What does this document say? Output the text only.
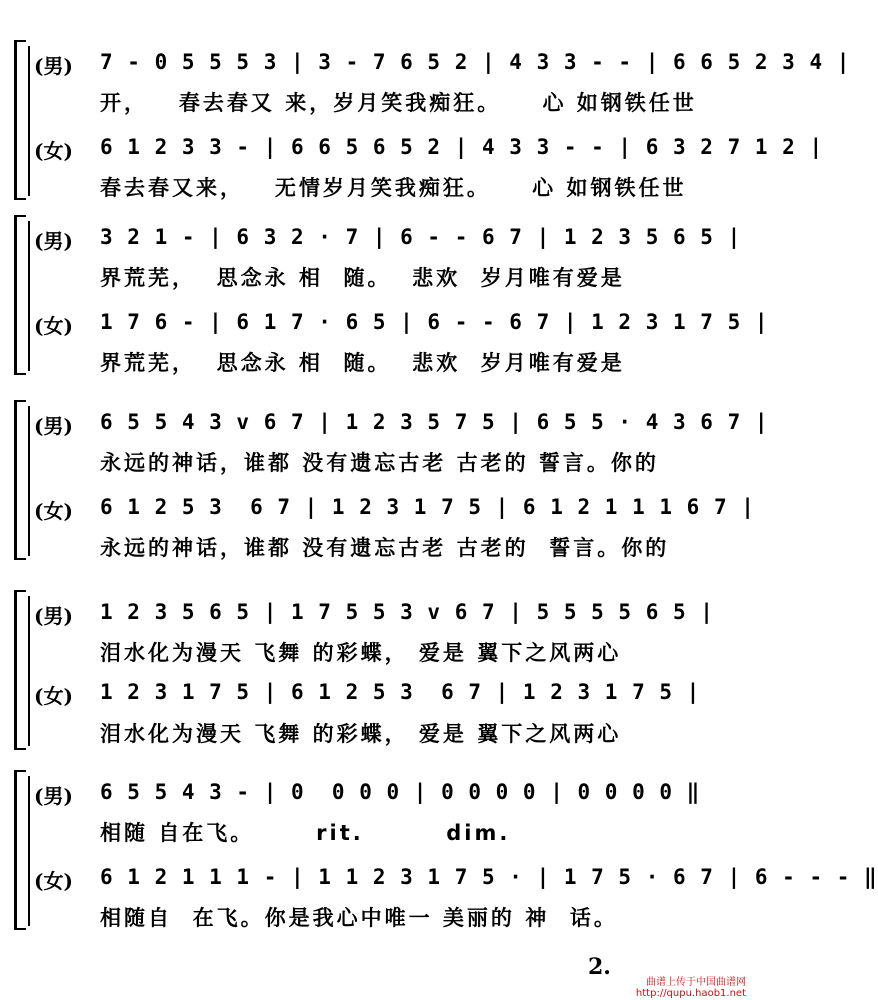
(男) 7 - 0 5 5 5 3 | 3 - 7 6 5 2 | 4 3 3 - - | 6 6 5 2 3 4 |
开，   春去春又 来，岁月笑我痴狂。    心 如钢铁任世
(女) 6 1 2 3 3 - | 6 6 5 6 5 2 | 4 3 3 - - | 6 3 2 7 1 2 |
春去春又来，   无情岁月笑我痴狂。    心 如钢铁任世
(男) 3 2 1 - | 6 3 2 · 7 | 6 - - 6 7 | 1 2 3 5 6 5 |
界荒芜，  思念永 相  随。  悲欢  岁月唯有爱是
(女) 1 7 6 - | 6 1 7 · 6 5 | 6 - - 6 7 | 1 2 3 1 7 5 |
界荒芜，  思念永 相  随。  悲欢  岁月唯有爱是
(男) 6 5 5 4 3 v 6 7 | 1 2 3 5 7 5 | 6 5 5 · 4 3 6 7 |
永远的神话，谁都 没有遗忘古老 古老的 誓言。你的
(女) 6 1 2 5 3  6 7 | 1 2 3 1 7 5 | 6 1 2 1 1 1 6 7 |
永远的神话，谁都 没有遗忘古老 古老的  誓言。你的
(男) 1 2 3 5 6 5 | 1 7 5 5 3 v 6 7 | 5 5 5 5 6 5 |
泪水化为漫天 飞舞 的彩蝶， 爱是 翼下之风两心
(女) 1 2 3 1 7 5 | 6 1 2 5 3  6 7 | 1 2 3 1 7 5 |
泪水化为漫天 飞舞 的彩蝶， 爱是 翼下之风两心
(男) 6 5 5 4 3 - | 0  0 0 0 | 0 0 0 0 | 0 0 0 0 ‖
相随 自在飞。      rit.        dim.
(女) 6 1 2 1 1 1 - | 1 1 2 3 1 7 5 · | 1 7 5 · 6 7 | 6 - - - ‖
相随自  在飞。你是我心中唯一 美丽的 神  话。
2.
曲谱上传于中国曲谱网
http://qupu.haob1.net
